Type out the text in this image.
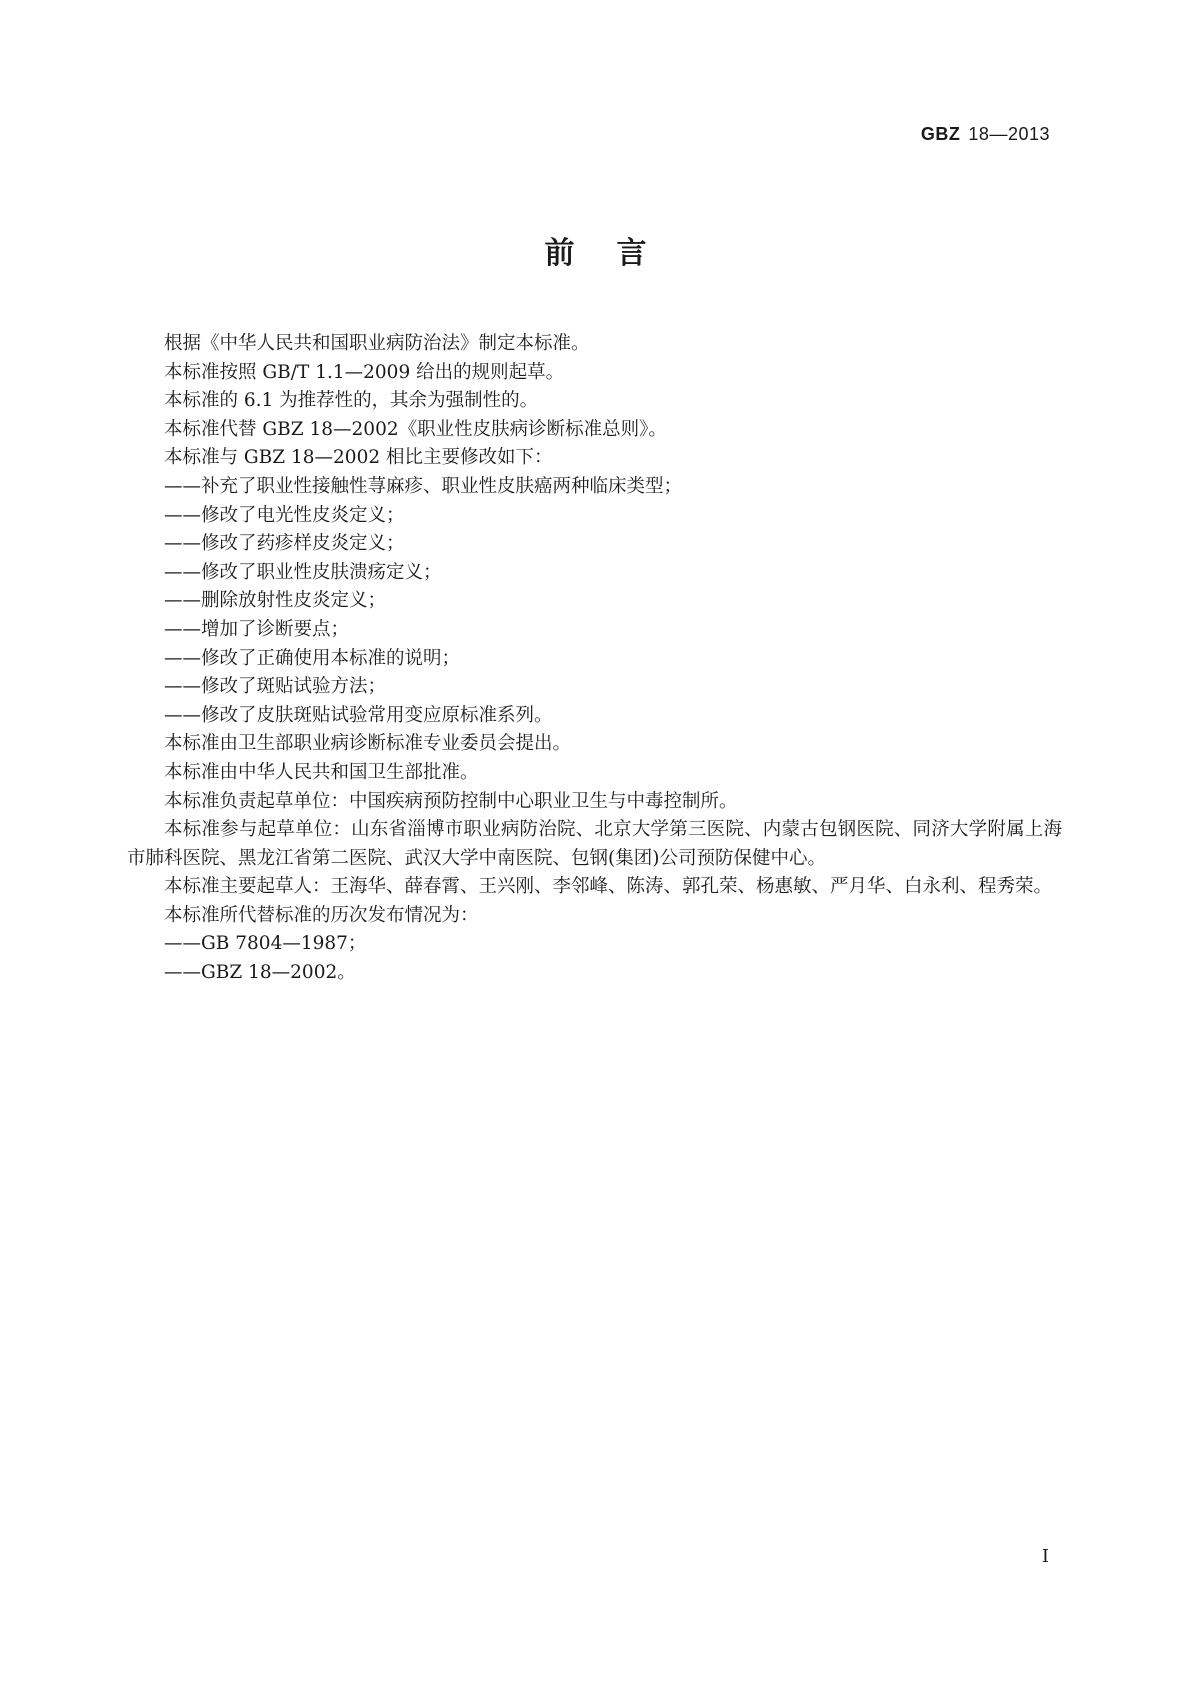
GBZ 18—2013
前言

根据《中华人民共和国职业病防治法》制定本标准。

本标准按照 GB/T 1.1—2009 给出的规则起草。

本标准的 6.1 为推荐性的，其余为强制性的。

本标准代替 GBZ 18—2002《职业性皮肤病诊断标准总则》。

本标准与 GBZ 18—2002 相比主要修改如下：

——补充了职业性接触性荨麻疹、职业性皮肤癌两种临床类型；

——修改了电光性皮炎定义；

——修改了药疹样皮炎定义；

——修改了职业性皮肤溃疡定义；

——删除放射性皮炎定义；

——增加了诊断要点；

——修改了正确使用本标准的说明；

——修改了斑贴试验方法；

——修改了皮肤斑贴试验常用变应原标准系列。

本标准由卫生部职业病诊断标准专业委员会提出。

本标准由中华人民共和国卫生部批准。

本标准负责起草单位：中国疾病预防控制中心职业卫生与中毒控制所。

本标准参与起草单位：山东省淄博市职业病防治院、北京大学第三医院、内蒙古包钢医院、同济大学附属上海市肺科医院、黑龙江省第二医院、武汉大学中南医院、包钢(集团)公司预防保健中心。

本标准主要起草人：王海华、薛春霄、王兴刚、李邻峰、陈涛、郭孔荣、杨惠敏、严月华、白永利、程秀荣。

本标准所代替标准的历次发布情况为：

——GB 7804—1987；

——GBZ 18—2002。

I
